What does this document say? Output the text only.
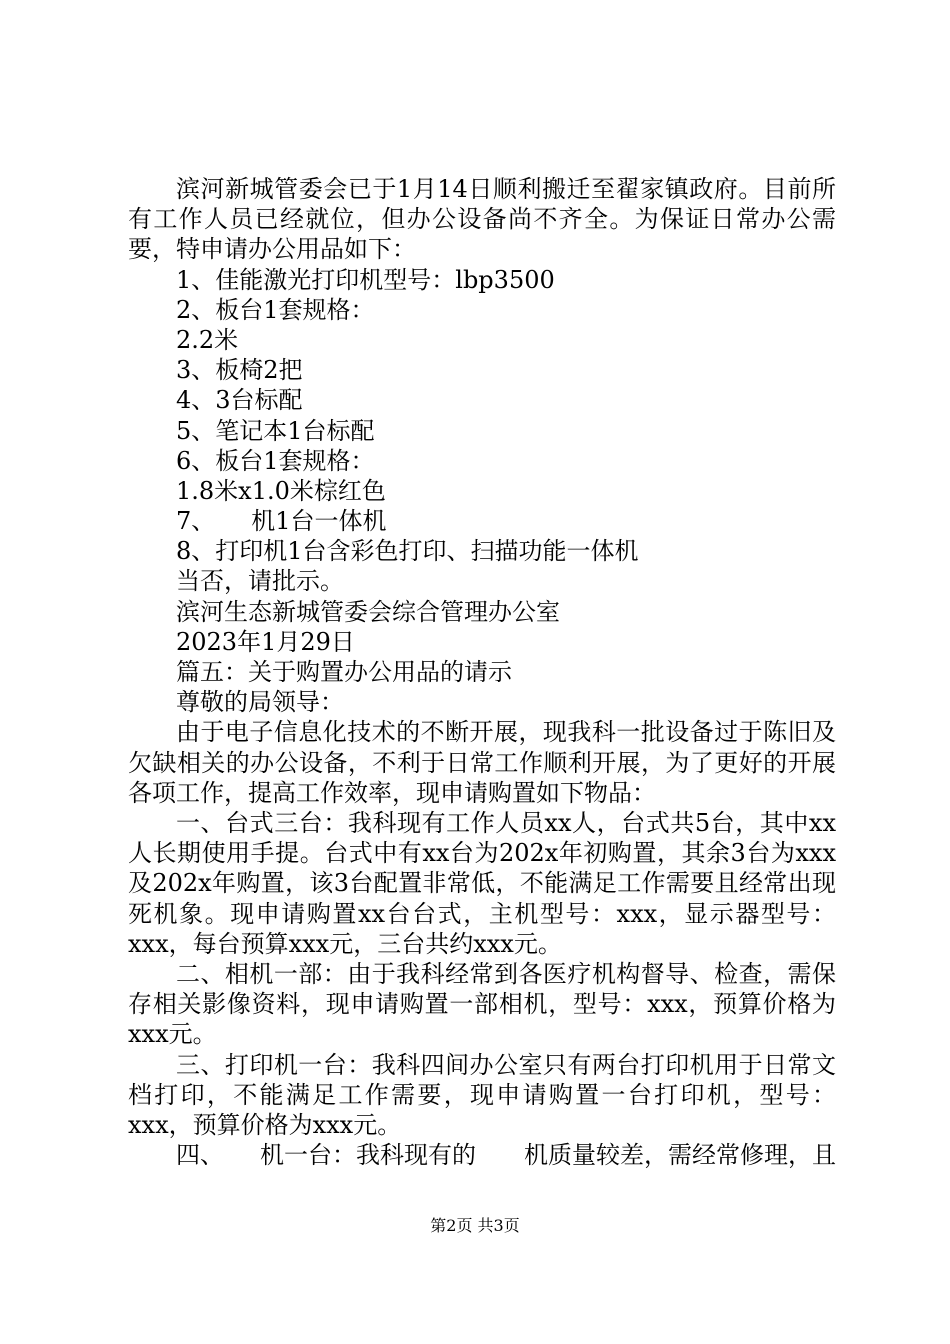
滨河新城管委会已于1月14日顺利搬迁至翟家镇政府。目前所有工作人员已经就位，但办公设备尚不齐全。为保证日常办公需要，特申请办公用品如下：

1、佳能激光打印机型号：lbp3500
2、板台1套规格：
2.2米
3、板椅2把
4、3台标配
5、笔记本1台标配
6、板台1套规格：
1.8米x1.0米棕红色
7、　　机1台一体机
8、打印机1台含彩色打印、扫描功能一体机
当否，请批示。
滨河生态新城管委会综合管理办公室
2023年1月29日
篇五：关于购置办公用品的请示
尊敬的局领导：

由于电子信息化技术的不断开展，现我科一批设备过于陈旧及欠缺相关的办公设备，不利于日常工作顺利开展，为了更好的开展各项工作，提高工作效率，现申请购置如下物品：

一、台式三台：我科现有工作人员xx人，台式共5台，其中xx人长期使用手提。台式中有xx台为202x年初购置，其余3台为xxx及202x年购置，该3台配置非常低，不能满足工作需要且经常出现死机象。现申请购置xx台台式，主机型号：xxx，显示器型号：xxx，每台预算xxx元，三台共约xxx元。

二、相机一部：由于我科经常到各医疗机构督导、检查，需保存相关影像资料，现申请购置一部相机，型号：xxx，预算价格为xxx元。

三、打印机一台：我科四间办公室只有两台打印机用于日常文档打印，不能满足工作需要，现申请购置一台打印机，型号：xxx，预算价格为xxx元。

四、　　机一台：我科现有的　　机质量较差，需经常修理，且

第2页 共3页
